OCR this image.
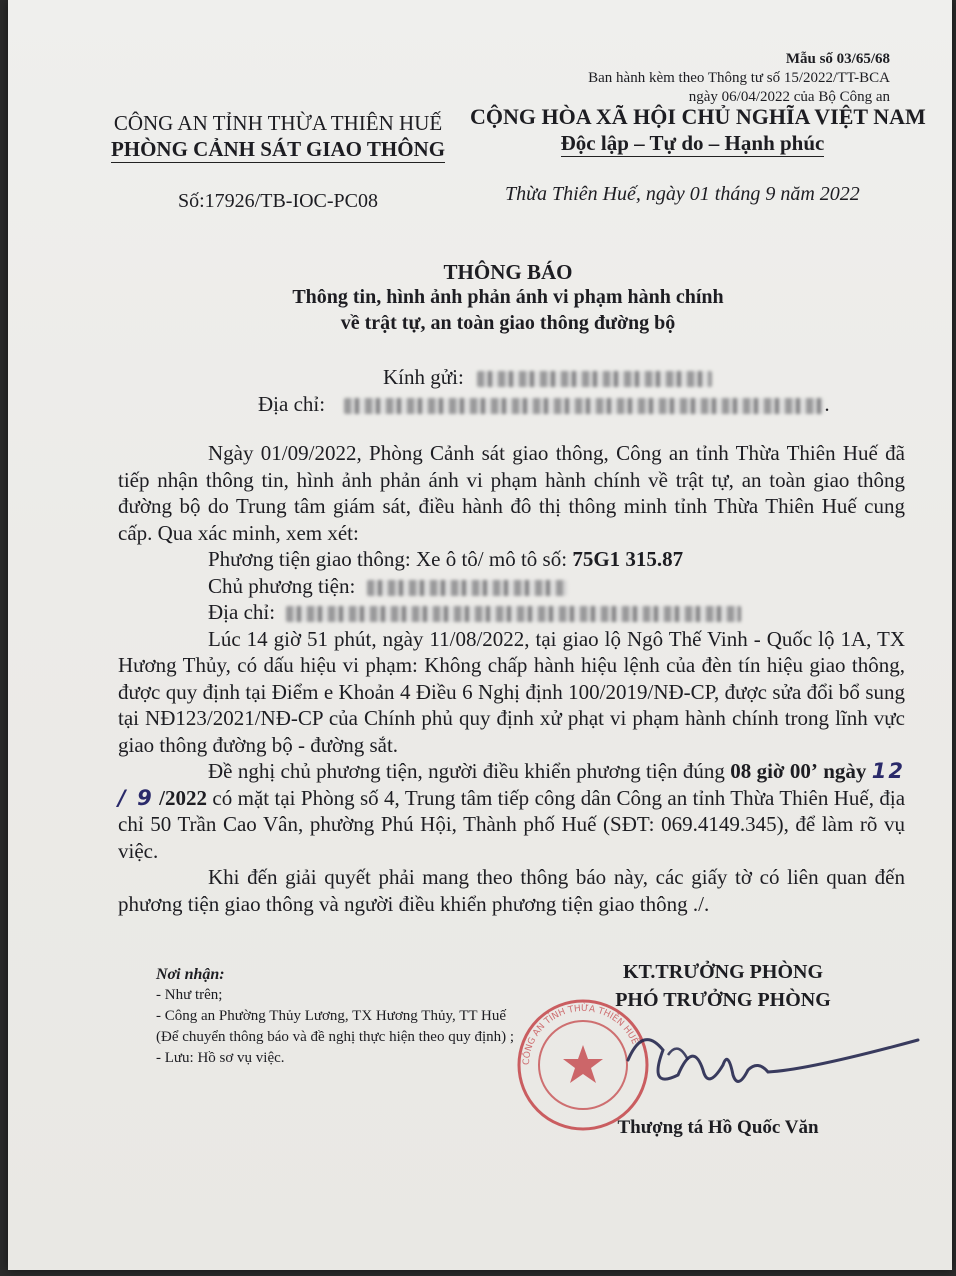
Mẫu số 03/65/68
Ban hành kèm theo Thông tư số 15/2022/TT-BCA
ngày 06/04/2022 của Bộ Công an
CÔNG AN TỈNH THỪA THIÊN HUẾ
PHÒNG CẢNH SÁT GIAO THÔNG
Số:17926/TB-IOC-PC08
CỘNG HÒA XÃ HỘI CHỦ NGHĨA VIỆT NAM
Độc lập – Tự do – Hạnh phúc
Thừa Thiên Huế, ngày 01 tháng 9 năm 2022
THÔNG BÁO
Thông tin, hình ảnh phản ánh vi phạm hành chính
về trật tự, an toàn giao thông đường bộ
Kính gửi:
Địa chỉ:	.

Ngày 01/09/2022, Phòng Cảnh sát giao thông, Công an tỉnh Thừa Thiên Huế đã tiếp nhận thông tin, hình ảnh phản ánh vi phạm hành chính về trật tự, an toàn giao thông đường bộ do Trung tâm giám sát, điều hành đô thị thông minh tỉnh Thừa Thiên Huế cung cấp. Qua xác minh, xem xét:

Phương tiện giao thông: Xe ô tô/ mô tô số: 75G1 315.87

Chủ phương tiện:

Địa chỉ:

Lúc 14 giờ 51 phút, ngày 11/08/2022, tại giao lộ Ngô Thế Vinh - Quốc lộ 1A, TX Hương Thủy, có dấu hiệu vi phạm: Không chấp hành hiệu lệnh của đèn tín hiệu giao thông, được quy định tại Điểm e Khoản 4 Điều 6 Nghị định 100/2019/NĐ-CP, được sửa đổi bổ sung tại NĐ123/2021/NĐ-CP của Chính phủ quy định xử phạt vi phạm hành chính trong lĩnh vực giao thông đường bộ - đường sắt.

Đề nghị chủ phương tiện, người điều khiển phương tiện đúng 08 giờ 00’ ngày 12 / 9 /2022 có mặt tại Phòng số 4, Trung tâm tiếp công dân Công an tỉnh Thừa Thiên Huế, địa chỉ 50 Trần Cao Vân, phường Phú Hội, Thành phố Huế (SĐT: 069.4149.345), để làm rõ vụ việc.

Khi đến giải quyết phải mang theo thông báo này, các giấy tờ có liên quan đến phương tiện giao thông và người điều khiển phương tiện giao thông ./.

Nơi nhận:
- Như trên;
- Công an Phường Thủy Lương, TX Hương Thủy, TT Huế (Để chuyển thông báo và đề nghị thực hiện theo quy định) ;
- Lưu: Hồ sơ vụ việc.
KT.TRƯỞNG PHÒNG
PHÓ TRƯỞNG PHÒNG
CÔNG AN TỈNH THỪA THIÊN HUẾ
Thượng tá Hồ Quốc Văn
